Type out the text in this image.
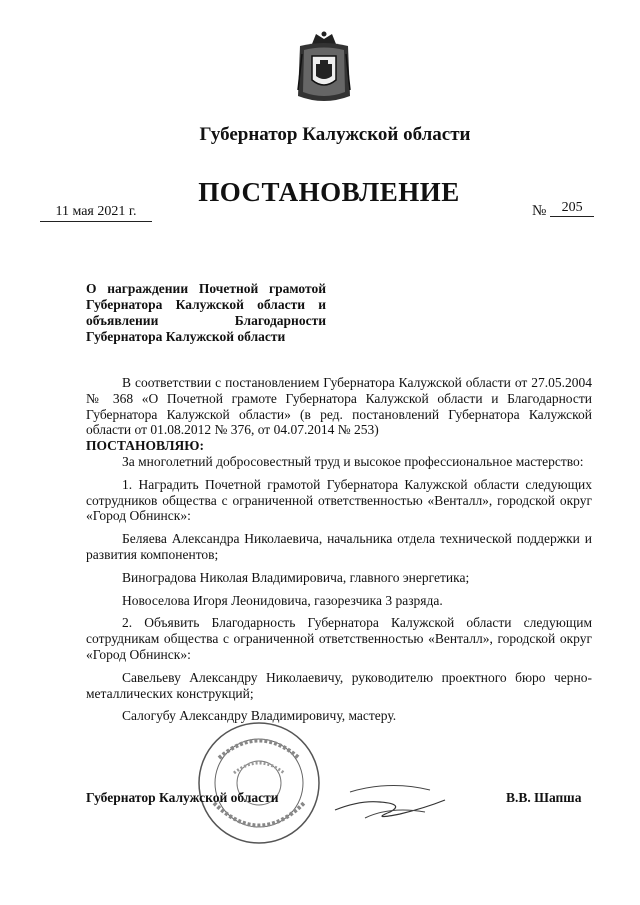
Губернатор Калужской области
ПОСТАНОВЛЕНИЕ
11 мая 2021 г.	№ 205
О награждении Почетной грамотой Губернатора Калужской области и объявлении Благодарности Губернатора Калужской области

В соответствии с постановлением Губернатора Калужской области от 27.05.2004 № 368 «О Почетной грамоте Губернатора Калужской области и Благодарности Губернатора Калужской области» (в ред. постановлений Губернатора Калужской области от 01.08.2012 № 376, от 04.07.2014 № 253)

ПОСТАНОВЛЯЮ:

За многолетний добросовестный труд и высокое профессиональное мастерство:

1. Наградить Почетной грамотой Губернатора Калужской области следующих сотрудников общества с ограниченной ответственностью «Венталл», городской округ «Город Обнинск»:

Беляева Александра Николаевича, начальника отдела технической поддержки и развития компонентов;

Виноградова Николая Владимировича, главного энергетика;

Новоселова Игоря Леонидовича, газорезчика 3 разряда.

2. Объявить Благодарность Губернатора Калужской области следующим сотрудникам общества с ограниченной ответственностью «Венталл», городской округ «Город Обнинск»:

Савельеву Александру Николаевичу, руководителю проектного бюро черно-металлических конструкций;

Салогубу Александру Владимировичу, мастеру.

Губернатор Калужской области	В.В. Шапша
